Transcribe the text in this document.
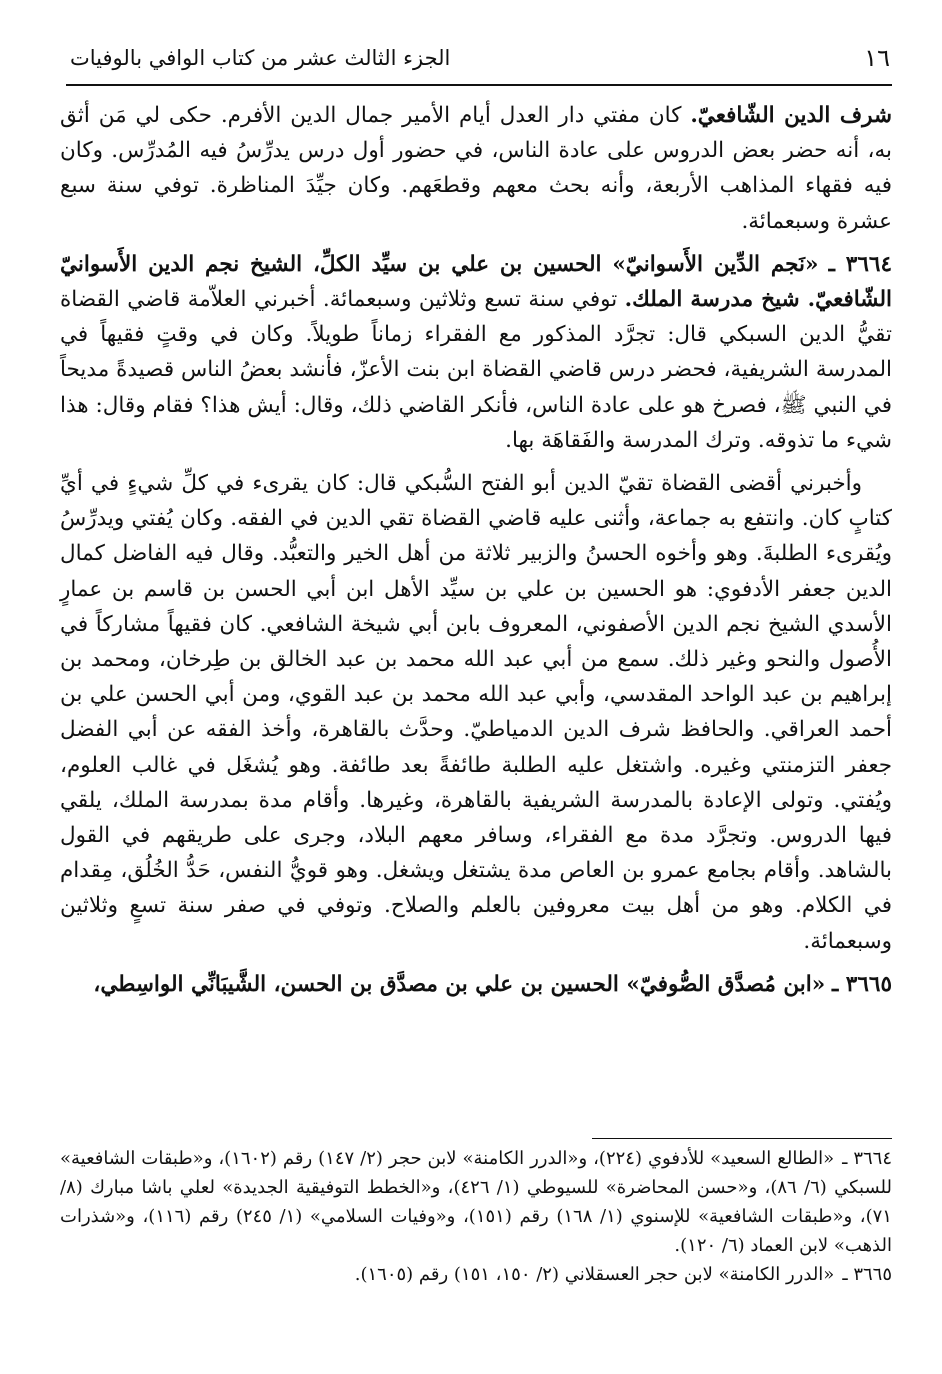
١٦
الجزء الثالث عشر من كتاب الوافي بالوفيات

شرف الدين الشّافعيّ. كان مفتي دار العدل أيام الأمير جمال الدين الأفرم. حكى لي مَن أثق به، أنه حضر بعض الدروس على عادة الناس، في حضور أول درس يدرِّسُ فيه المُدرِّس. وكان فيه فقهاء المذاهب الأربعة، وأنه بحث معهم وقطعَهم. وكان جيِّدَ المناظرة. توفي سنة سبع عشرة وسبعمائة.

٣٦٦٤ ـ «نَجم الدِّين الأَسوانيّ» الحسين بن علي بن سيِّد الكلِّ، الشيخ نجم الدين الأَسوانيّ الشّافعيّ. شيخ مدرسة الملك. توفي سنة تسع وثلاثين وسبعمائة. أخبرني العلاّمة قاضي القضاة تقيُّ الدين السبكي قال: تجرَّد المذكور مع الفقراء زماناً طويلاً. وكان في وقتٍ فقيهاً في المدرسة الشريفية، فحضر درس قاضي القضاة ابن بنت الأعزّ، فأنشد بعضُ الناس قصيدةً مديحاً في النبي ﷺ، فصرخ هو على عادة الناس، فأنكر القاضي ذلك، وقال: أيش هذا؟ فقام وقال: هذا شيء ما تذوقه. وترك المدرسة والفَقاهَة بها.

وأخبرني أقضى القضاة تقيّ الدين أبو الفتح السُّبكي قال: كان يقرىء في كلِّ شيءٍ في أيِّ كتابٍ كان. وانتفع به جماعة، وأثنى عليه قاضي القضاة تقي الدين في الفقه. وكان يُفتي ويدرِّسُ ويُقرىء الطلبةَ. وهو وأخوه الحسنُ والزبير ثلاثة من أهل الخير والتعبُّد. وقال فيه الفاضل كمال الدين جعفر الأدفوي: هو الحسين بن علي بن سيِّد الأهل ابن أبي الحسن بن قاسم بن عمارٍ الأسدي الشيخ نجم الدين الأصفوني، المعروف بابن أبي شيخة الشافعي. كان فقيهاً مشاركاً في الأُصول والنحو وغير ذلك. سمع من أبي عبد الله محمد بن عبد الخالق بن طِرخان، ومحمد بن إبراهيم بن عبد الواحد المقدسي، وأبي عبد الله محمد بن عبد القوي، ومن أبي الحسن علي بن أحمد العراقي. والحافظ شرف الدين الدمياطيّ. وحدَّث بالقاهرة، وأخذ الفقه عن أبي الفضل جعفر التزمنتي وغيره. واشتغل عليه الطلبة طائفةً بعد طائفة. وهو يُشغَل في غالب العلوم، ويُفتي. وتولى الإعادة بالمدرسة الشريفية بالقاهرة، وغيرها. وأقام مدة بمدرسة الملك، يلقي فيها الدروس. وتجرَّد مدة مع الفقراء، وسافر معهم البلاد، وجرى على طريقهم في القول بالشاهد. وأقام بجامع عمرو بن العاص مدة يشتغل ويشغل. وهو قويُّ النفس، حَدُّ الخُلُق، مِقدام في الكلام. وهو من أهل بيت معروفين بالعلم والصلاح. وتوفي في صفر سنة تسعٍ وثلاثين وسبعمائة.

٣٦٦٥ ـ «ابن مُصدَّق الصُّوفيّ» الحسين بن علي بن مصدَّق بن الحسن، الشَّيبَانِّي الواسِطي،

٣٦٦٤ ـ«الطالع السعيد» للأدفوي (٢٢٤)، و«الدرر الكامنة» لابن حجر (٢/ ١٤٧) رقم (١٦٠٢)، و«طبقات الشافعية» للسبكي (٦/ ٨٦)، و«حسن المحاضرة» للسيوطي (١/ ٤٢٦)، و«الخطط التوفيقية الجديدة» لعلي باشا مبارك (٨/ ٧١)، و«طبقات الشافعية» للإسنوي (١/ ١٦٨) رقم (١٥١)، و«وفيات السلامي» (١/ ٢٤٥) رقم (١١٦)، و«شذرات الذهب» لابن العماد (٦/ ١٢٠).

٣٦٦٥ ـ«الدرر الكامنة» لابن حجر العسقلاني (٢/ ١٥٠، ١٥١) رقم (١٦٠٥).
